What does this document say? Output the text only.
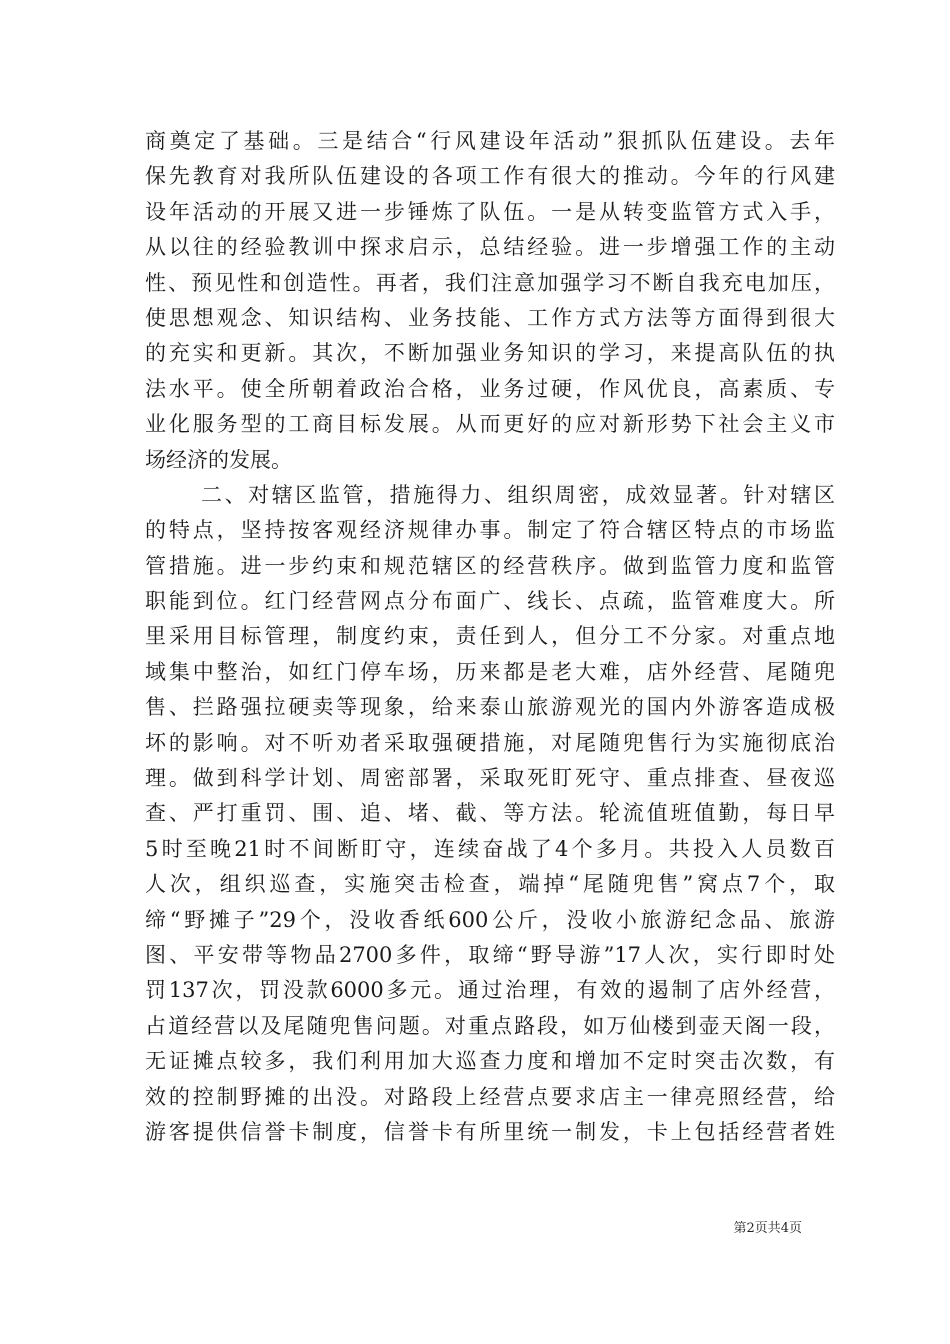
商奠定了基础。三是结合“行风建设年活动”狠抓队伍建设。去年
保先教育对我所队伍建设的各项工作有很大的推动。今年的行风建
设年活动的开展又进一步锤炼了队伍。一是从转变监管方式入手，
从以往的经验教训中探求启示，总结经验。进一步增强工作的主动
性、预见性和创造性。再者，我们注意加强学习不断自我充电加压，
使思想观念、知识结构、业务技能、工作方式方法等方面得到很大
的充实和更新。其次，不断加强业务知识的学习，来提高队伍的执
法水平。使全所朝着政治合格，业务过硬，作风优良，高素质、专
业化服务型的工商目标发展。从而更好的应对新形势下社会主义市
场经济的发展。
二、对辖区监管，措施得力、组织周密，成效显著。针对辖区
的特点，坚持按客观经济规律办事。制定了符合辖区特点的市场监
管措施。进一步约束和规范辖区的经营秩序。做到监管力度和监管
职能到位。红门经营网点分布面广、线长、点疏，监管难度大。所
里采用目标管理，制度约束，责任到人，但分工不分家。对重点地
域集中整治，如红门停车场，历来都是老大难，店外经营、尾随兜
售、拦路强拉硬卖等现象，给来泰山旅游观光的国内外游客造成极
坏的影响。对不听劝者采取强硬措施，对尾随兜售行为实施彻底治
理。做到科学计划、周密部署，采取死盯死守、重点排查、昼夜巡
查、严打重罚、围、追、堵、截、等方法。轮流值班值勤，每日早
5时至晚21时不间断盯守，连续奋战了4个多月。共投入人员数百
人次，组织巡查，实施突击检查，端掉“尾随兜售”窝点7个，取
缔“野摊子”29个，没收香纸600公斤，没收小旅游纪念品、旅游
图、平安带等物品2700多件，取缔“野导游”17人次，实行即时处
罚137次，罚没款6000多元。通过治理，有效的遏制了店外经营，
占道经营以及尾随兜售问题。对重点路段，如万仙楼到壶天阁一段，
无证摊点较多，我们利用加大巡查力度和增加不定时突击次数，有
效的控制野摊的出没。对路段上经营点要求店主一律亮照经营，给
游客提供信誉卡制度，信誉卡有所里统一制发，卡上包括经营者姓
第2页共4页
